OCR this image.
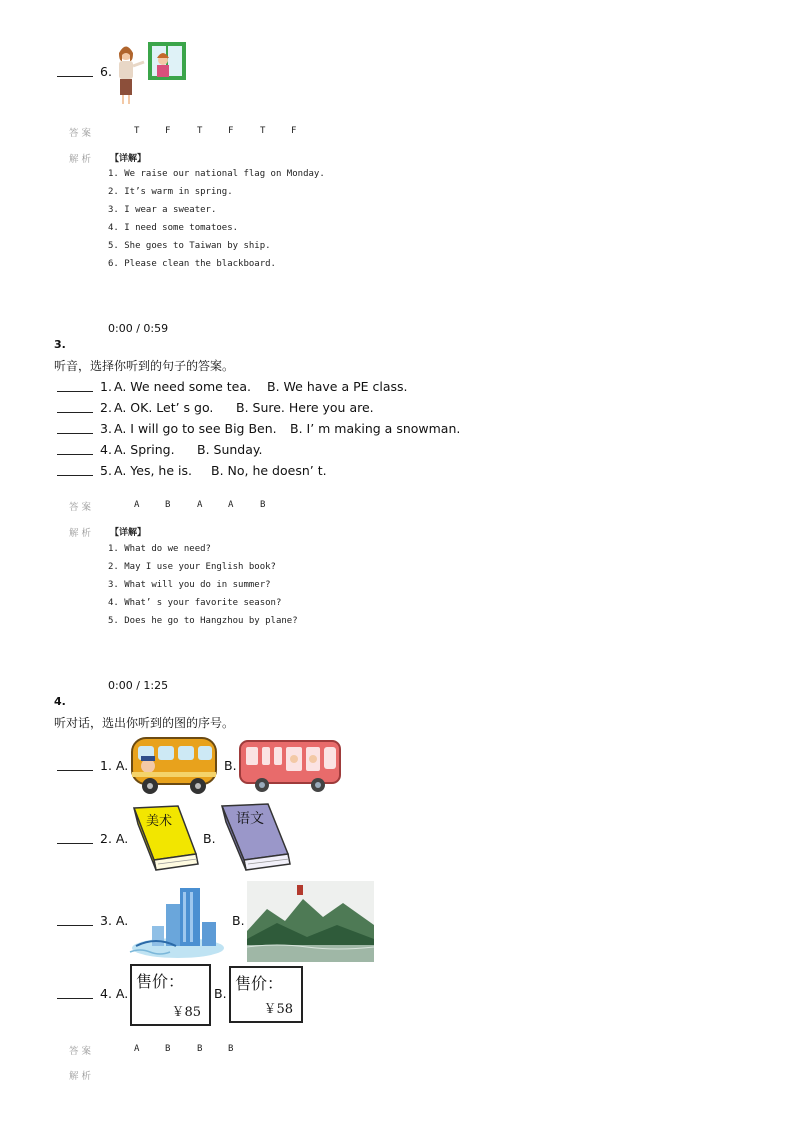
6.
答案	T	F	T	F	T	F
解析 【详解】
1. We raise our national flag on Monday.
2. It’s warm in spring.
3. I wear a sweater.
4. I need some tomatoes.
5. She goes to Taiwan by ship.
6. Please clean the blackboard.
0:00 / 0:59
3.
听音，选择你听到的句子的答案。
1. A. We need some tea. B. We have a PE class.
2. A. OK. Let’ s go. B. Sure. Here you are.
3. A. I will go to see Big Ben. B. I’ m making a snowman.
4. A. Spring. B. Sunday.
5. A. Yes, he is. B. No, he doesn’ t.
答案	A	B	A	A	B
解析 【详解】
1. What do we need?
2. May I use your English book?
3. What will you do in summer?
4. What’ s your favorite season?
5. Does he go to Hangzhou by plane?
0:00 / 1:25
4.
听对话，选出你听到的图的序号。
1. A.	B.
2. A.
美术
B.
语文
3. A.	B.
4. A.
售价：
￥85
B.
售价：
￥58
答案	A	B	B	B
解析
